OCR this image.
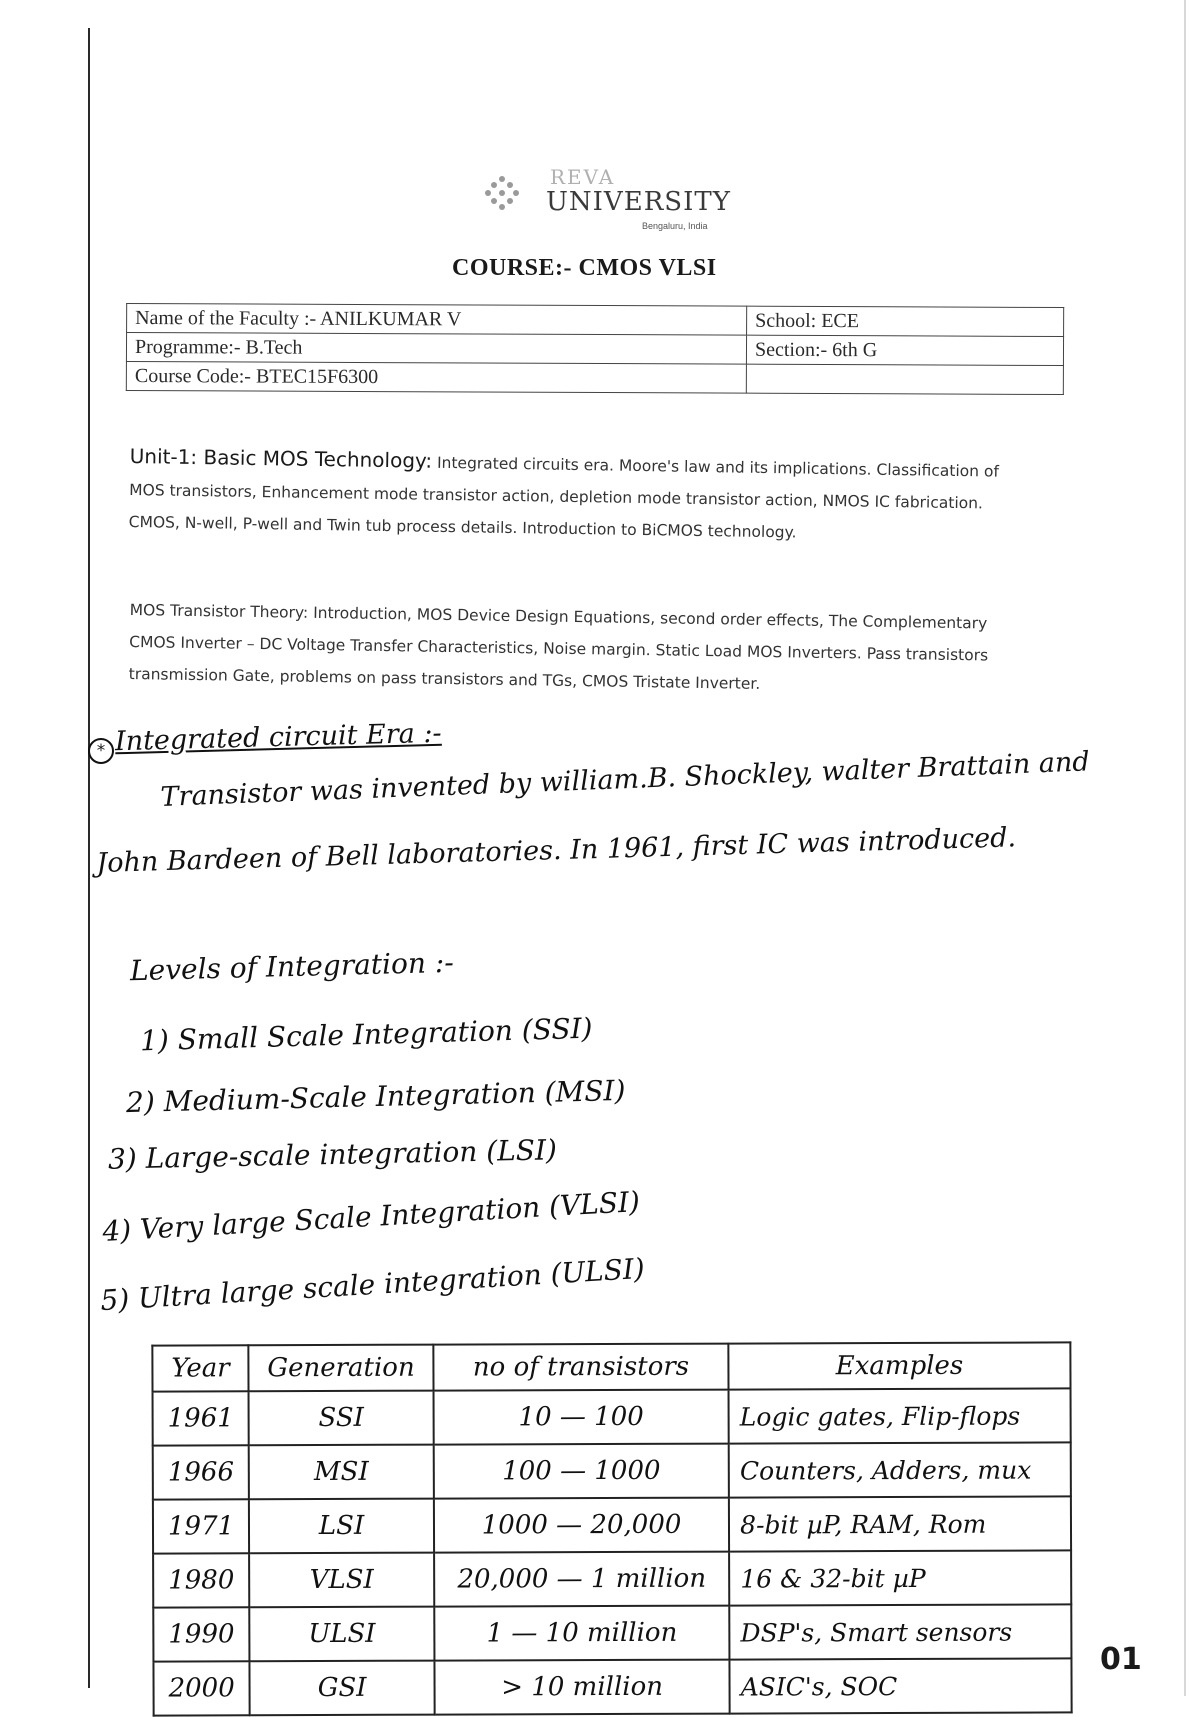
REVA
UNIVERSITY
Bengaluru, India
COURSE:- CMOS VLSI
Name of the Faculty :- ANILKUMAR V	School: ECE
Programme:- B.Tech	Section:- 6th G
Course Code:- BTEC15F6300	
Unit-1: Basic MOS Technology: Integrated circuits era. Moore's law and its implications. Classification of MOS transistors, Enhancement mode transistor action, depletion mode transistor action, NMOS IC fabrication. CMOS, N-well, P-well and Twin tub process details. Introduction to BiCMOS technology.
MOS Transistor Theory: Introduction, MOS Device Design Equations, second order effects, The Complementary CMOS Inverter – DC Voltage Transfer Characteristics, Noise margin. Static Load MOS Inverters. Pass transistors transmission Gate, problems on pass transistors and TGs, CMOS Tristate Inverter.
* Integrated circuit Era :-
Transistor was invented by william.B. Shockley, walter Brattain and
John Bardeen of Bell laboratories. In 1961, first IC was introduced.
Levels of Integration :-
1) Small Scale Integration (SSI)
2) Medium-Scale Integration (MSI)
3) Large-scale integration (LSI)
4) Very large Scale Integration (VLSI)
5) Ultra large scale integration (ULSI)
Year	Generation	no of transistors	Examples
1961	SSI	10 — 100	Logic gates, Flip-flops
1966	MSI	100 — 1000	Counters, Adders, mux
1971	LSI	1000 — 20,000	8-bit µP, RAM, Rom
1980	VLSI	20,000 — 1 million	16 & 32-bit µP
1990	ULSI	1 — 10 million	DSP's, Smart sensors
2000	GSI	> 10 million	ASIC's, SOC
01
